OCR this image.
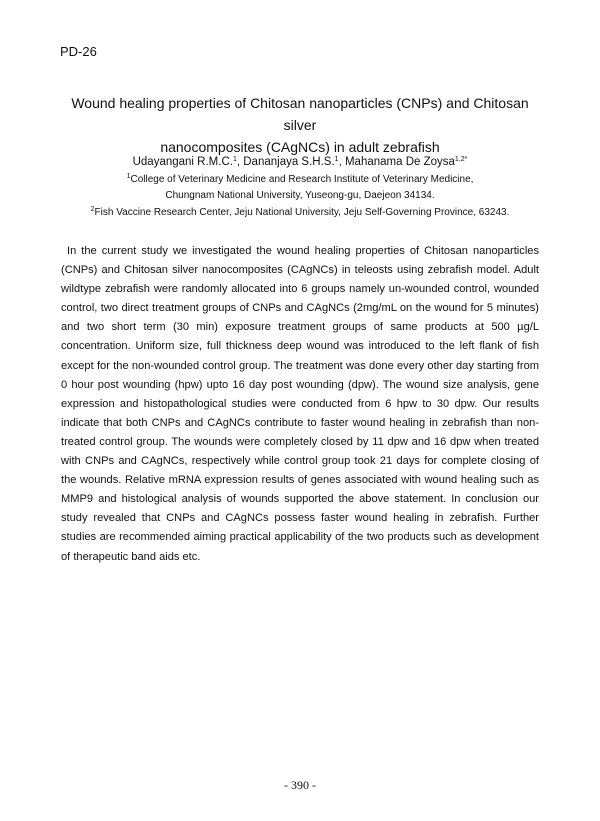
PD-26
Wound healing properties of Chitosan nanoparticles (CNPs) and Chitosan silver
nanocomposites (CAgNCs) in adult zebrafish
Udayangani R.M.C.$^1$, Dananjaya S.H.S.$^1$, Mahanama De Zoysa$^{1,2*}$
$^1$College of Veterinary Medicine and Research Institute of Veterinary Medicine,
Chungnam National University, Yuseong-gu, Daejeon 34134.
$^2$Fish Vaccine Research Center, Jeju National University, Jeju Self-Governing Province, 63243.

In the current study we investigated the wound healing properties of Chitosan nanoparticles (CNPs) and Chitosan silver nanocomposites (CAgNCs) in teleosts using zebrafish model. Adult wildtype zebrafish were randomly allocated into 6 groups namely un-wounded control, wounded control, two direct treatment groups of CNPs and CAgNCs (2mg/mL on the wound for 5 minutes) and two short term (30 min) exposure treatment groups of same products at 500 µg/L concentration. Uniform size, full thickness deep wound was introduced to the left flank of fish except for the non-wounded control group. The treatment was done every other day starting from 0 hour post wounding (hpw) upto 16 day post wounding (dpw). The wound size analysis, gene expression and histopathological studies were conducted from 6 hpw to 30 dpw. Our results indicate that both CNPs and CAgNCs contribute to faster wound healing in zebrafish than non-treated control group. The wounds were completely closed by 11 dpw and 16 dpw when treated with CNPs and CAgNCs, respectively while control group took 21 days for complete closing of the wounds. Relative mRNA expression results of genes associated with wound healing such as MMP9 and histological analysis of wounds supported the above statement. In conclusion our study revealed that CNPs and CAgNCs possess faster wound healing in zebrafish. Further studies are recommended aiming practical applicability of the two products such as development of therapeutic band aids etc.

- 390 -
